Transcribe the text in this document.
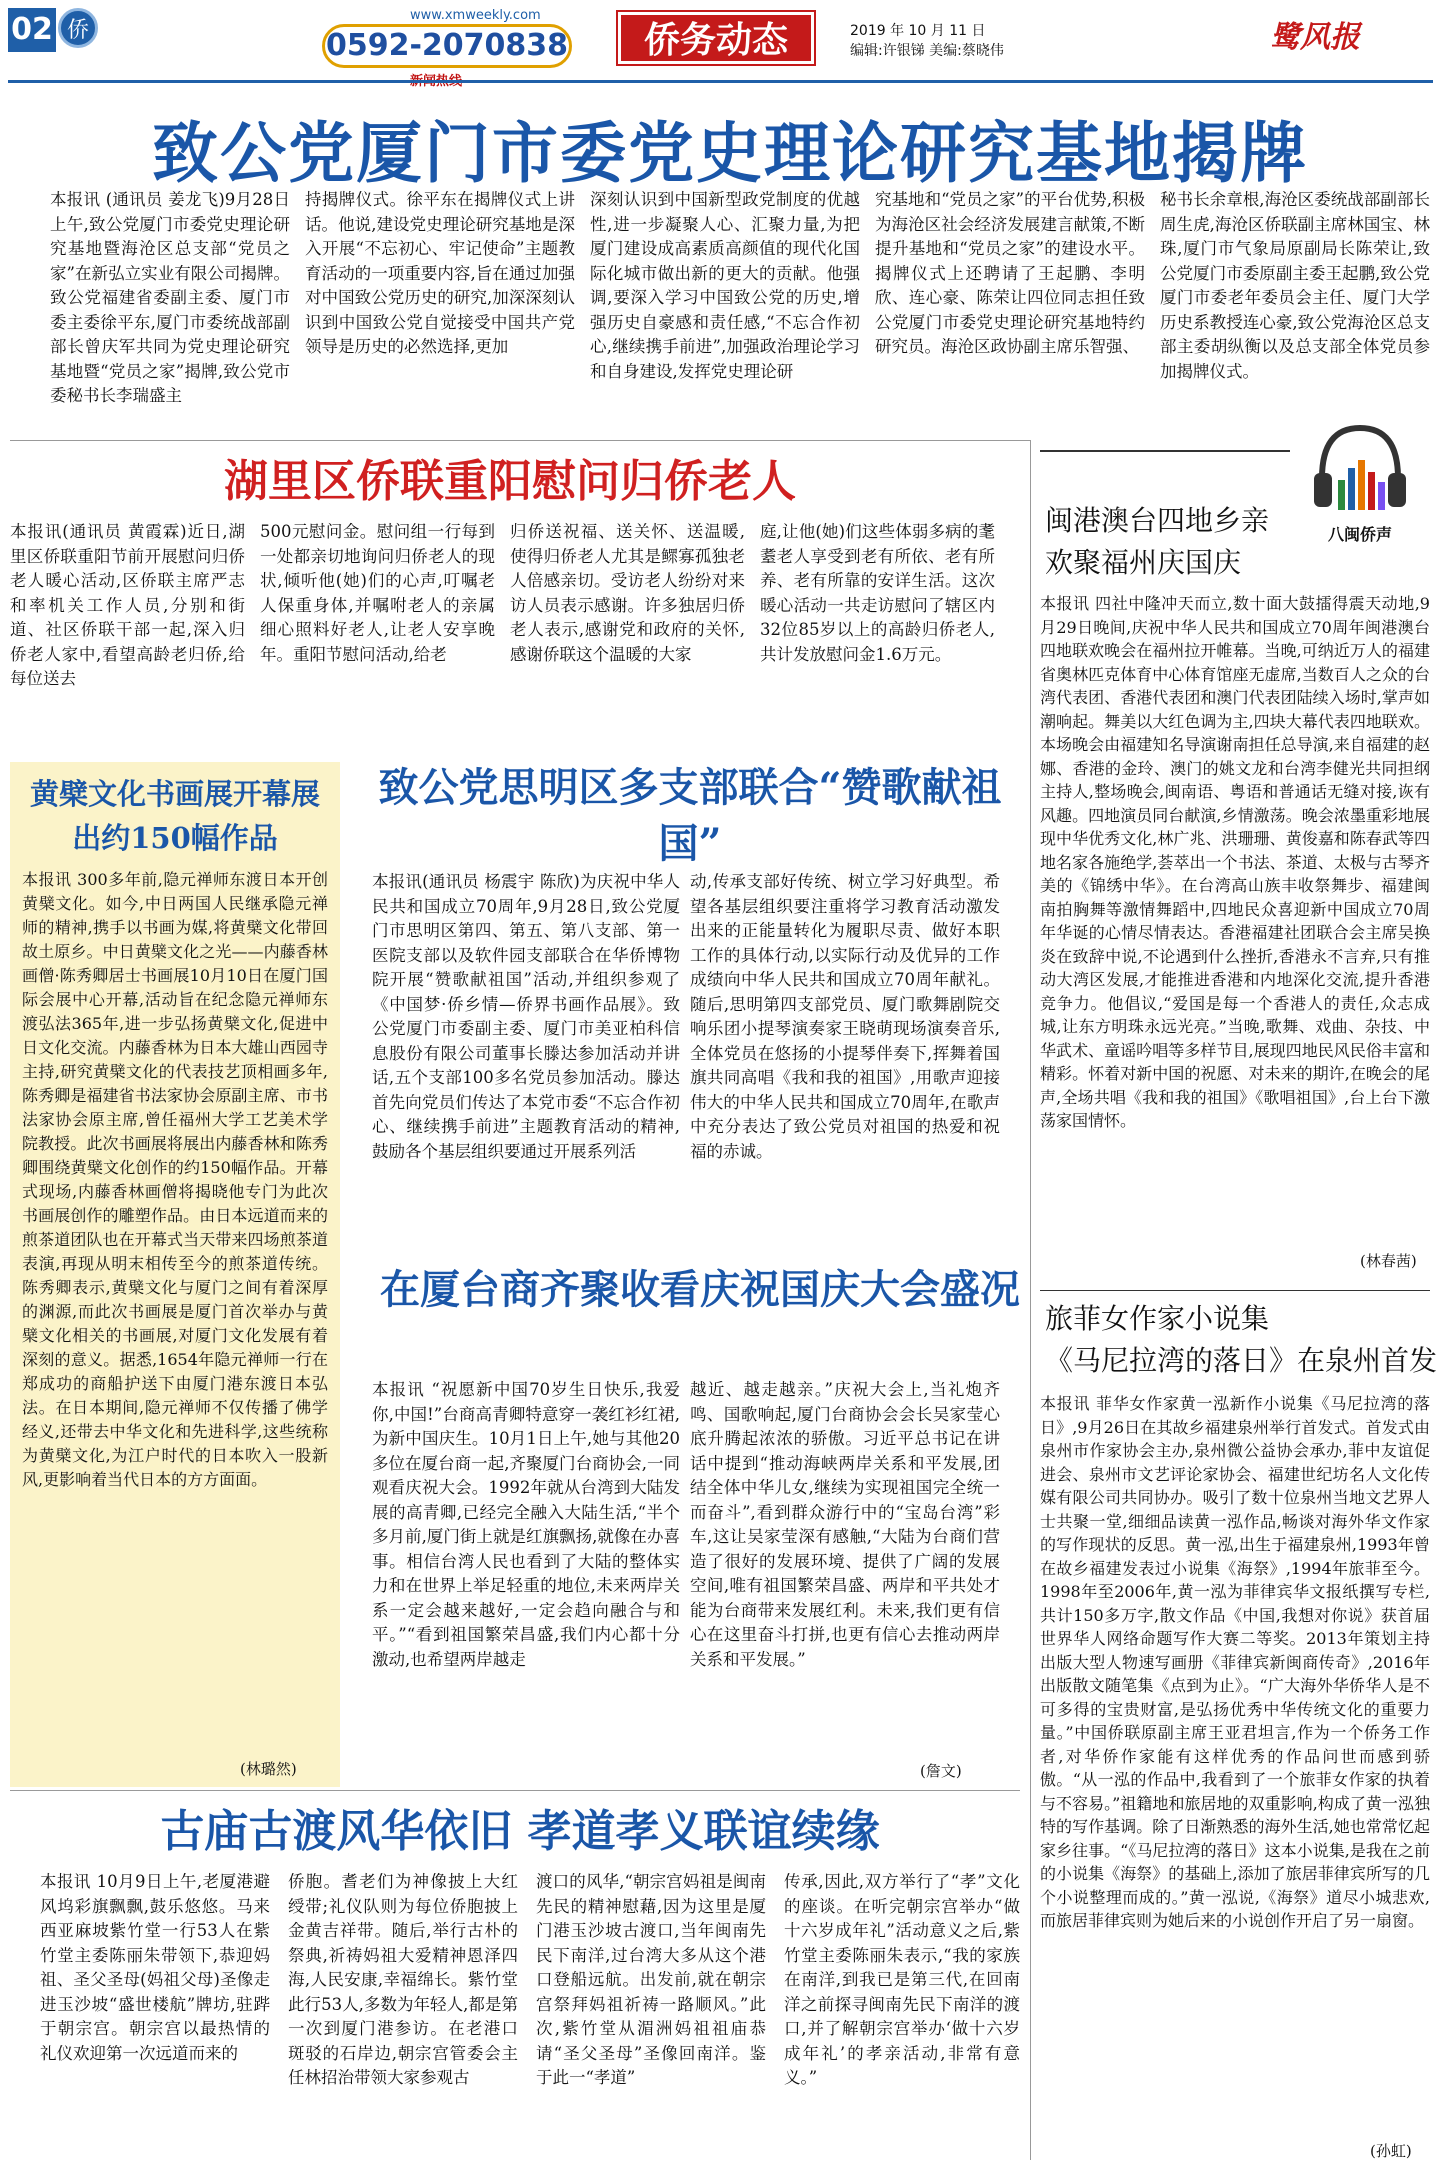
02 侨
www.xmweekly.com
0592-2070838	侨务动态	2019 年 10 月 11 日
编辑:许银锑 美编:蔡晓伟	鹭风报
致公党厦门市委党史理论研究基地揭牌
本报讯 (通讯员 姜龙飞)9月28日上午,致公党厦门市委党史理论研究基地暨海沧区总支部“党员之家”在新弘立实业有限公司揭牌。致公党福建省委副主委、厦门市委主委徐平东,厦门市委统战部副部长曾庆军共同为党史理论研究基地暨“党员之家”揭牌,致公党市委秘书长李瑞盛主
持揭牌仪式。徐平东在揭牌仪式上讲话。他说,建设党史理论研究基地是深入开展“不忘初心、牢记使命”主题教育活动的一项重要内容,旨在通过加强对中国致公党历史的研究,加深深刻认识到中国致公党自觉接受中国共产党领导是历史的必然选择,更加
深刻认识到中国新型政党制度的优越性,进一步凝聚人心、汇聚力量,为把厦门建设成高素质高颜值的现代化国际化城市做出新的更大的贡献。他强调,要深入学习中国致公党的历史,增强历史自豪感和责任感,“不忘合作初心,继续携手前进”,加强政治理论学习和自身建设,发挥党史理论研
究基地和“党员之家”的平台优势,积极为海沧区社会经济发展建言献策,不断提升基地和“党员之家”的建设水平。揭牌仪式上还聘请了王起鹏、李明欣、连心豪、陈荣让四位同志担任致公党厦门市委党史理论研究基地特约研究员。海沧区政协副主席乐智强、
秘书长余章根,海沧区委统战部副部长周生虎,海沧区侨联副主席林国宝、林珠,厦门市气象局原副局长陈荣让,致公党厦门市委原副主委王起鹏,致公党厦门市委老年委员会主任、厦门大学历史系教授连心豪,致公党海沧区总支部主委胡纵衡以及总支部全体党员参加揭牌仪式。
湖里区侨联重阳慰问归侨老人
本报讯(通讯员 黄霞霖)近日,湖里区侨联重阳节前开展慰问归侨老人暖心活动,区侨联主席严志和率机关工作人员,分别和街道、社区侨联干部一起,深入归侨老人家中,看望高龄老归侨,给每位送去
500元慰问金。慰问组一行每到一处都亲切地询问归侨老人的现状,倾听他(她)们的心声,叮嘱老人保重身体,并嘱咐老人的亲属细心照料好老人,让老人安享晚年。重阳节慰问活动,给老
归侨送祝福、送关怀、送温暖,使得归侨老人尤其是鳏寡孤独老人倍感亲切。受访老人纷纷对来访人员表示感谢。许多独居归侨老人表示,感谢党和政府的关怀,感谢侨联这个温暖的大家
庭,让他(她)们这些体弱多病的耄耋老人享受到老有所依、老有所养、老有所靠的安详生活。这次暖心活动一共走访慰问了辖区内32位85岁以上的高龄归侨老人,共计发放慰问金1.6万元。
黄檗文化书画展开幕展出约150幅作品
本报讯 300多年前,隐元禅师东渡日本开创黄檗文化。如今,中日两国人民继承隐元禅师的精神,携手以书画为媒,将黄檗文化带回故土原乡。中日黄檗文化之光——内藤香林画僧·陈秀卿居士书画展10月10日在厦门国际会展中心开幕,活动旨在纪念隐元禅师东渡弘法365年,进一步弘扬黄檗文化,促进中日文化交流。内藤香林为日本大雄山西园寺主持,研究黄檗文化的代表技艺顶相画多年,陈秀卿是福建省书法家协会原副主席、市书法家协会原主席,曾任福州大学工艺美术学院教授。此次书画展将展出内藤香林和陈秀卿围绕黄檗文化创作的约150幅作品。开幕式现场,内藤香林画僧将揭晓他专门为此次书画展创作的雕塑作品。由日本远道而来的煎茶道团队也在开幕式当天带来四场煎茶道表演,再现从明末相传至今的煎茶道传统。陈秀卿表示,黄檗文化与厦门之间有着深厚的渊源,而此次书画展是厦门首次举办与黄檗文化相关的书画展,对厦门文化发展有着深刻的意义。据悉,1654年隐元禅师一行在郑成功的商船护送下由厦门港东渡日本弘法。在日本期间,隐元禅师不仅传播了佛学经义,还带去中华文化和先进科学,这些统称为黄檗文化,为江户时代的日本吹入一股新风,更影响着当代日本的方方面面。
(林璐然)
致公党思明区多支部联合“赞歌献祖国”
本报讯(通讯员 杨震宇 陈欣)为庆祝中华人民共和国成立70周年,9月28日,致公党厦门市思明区第四、第五、第八支部、第一医院支部以及软件园支部联合在华侨博物院开展“赞歌献祖国”活动,并组织参观了《中国梦·侨乡情—侨界书画作品展》。致公党厦门市委副主委、厦门市美亚柏科信息股份有限公司董事长滕达参加活动并讲话,五个支部100多名党员参加活动。滕达首先向党员们传达了本党市委“不忘合作初心、继续携手前进”主题教育活动的精神,鼓励各个基层组织要通过开展系列活
动,传承支部好传统、树立学习好典型。希望各基层组织要注重将学习教育活动激发出来的正能量转化为履职尽责、做好本职工作的具体行动,以实际行动及优异的工作成绩向中华人民共和国成立70周年献礼。随后,思明第四支部党员、厦门歌舞剧院交响乐团小提琴演奏家王晓萌现场演奏音乐,全体党员在悠扬的小提琴伴奏下,挥舞着国旗共同高唱《我和我的祖国》,用歌声迎接伟大的中华人民共和国成立70周年,在歌声中充分表达了致公党员对祖国的热爱和祝福的赤诚。
在厦台商齐聚收看庆祝国庆大会盛况
本报讯 “祝愿新中国70岁生日快乐,我爱你,中国!”台商高青卿特意穿一袭红衫红裙,为新中国庆生。10月1日上午,她与其他20多位在厦台商一起,齐聚厦门台商协会,一同观看庆祝大会。1992年就从台湾到大陆发展的高青卿,已经完全融入大陆生活,“半个多月前,厦门街上就是红旗飘扬,就像在办喜事。相信台湾人民也看到了大陆的整体实力和在世界上举足轻重的地位,未来两岸关系一定会越来越好,一定会趋向融合与和平。”“看到祖国繁荣昌盛,我们内心都十分激动,也希望两岸越走
越近、越走越亲。”庆祝大会上,当礼炮齐鸣、国歌响起,厦门台商协会会长吴家莹心底升腾起浓浓的骄傲。习近平总书记在讲话中提到“推动海峡两岸关系和平发展,团结全体中华儿女,继续为实现祖国完全统一而奋斗”,看到群众游行中的“宝岛台湾”彩车,这让吴家莹深有感触,“大陆为台商们营造了很好的发展环境、提供了广阔的发展空间,唯有祖国繁荣昌盛、两岸和平共处才能为台商带来发展红利。未来,我们更有信心在这里奋斗打拼,也更有信心去推动两岸关系和平发展。”
(詹文)
古庙古渡风华依旧 孝道孝义联谊续缘
本报讯 10月9日上午,老厦港避风坞彩旗飘飘,鼓乐悠悠。马来西亚麻坡紫竹堂一行53人在紫竹堂主委陈丽朱带领下,恭迎妈祖、圣父圣母(妈祖父母)圣像走进玉沙坡“盛世楼航”牌坊,驻跸于朝宗宫。朝宗宫以最热情的礼仪欢迎第一次远道而来的
侨胞。耆老们为神像披上大红绶带;礼仪队则为每位侨胞披上金黄吉祥带。随后,举行古朴的祭典,祈祷妈祖大爱精神恩泽四海,人民安康,幸福绵长。紫竹堂此行53人,多数为年轻人,都是第一次到厦门港参访。在老港口斑驳的石岸边,朝宗宫管委会主任林招治带领大家参观古
渡口的风华,“朝宗宫妈祖是闽南先民的精神慰藉,因为这里是厦门港玉沙坡古渡口,当年闽南先民下南洋,过台湾大多从这个港口登船远航。出发前,就在朝宗宫祭拜妈祖祈祷一路顺风。”此次,紫竹堂从湄洲妈祖祖庙恭请“圣父圣母”圣像回南洋。鉴于此一“孝道”
传承,因此,双方举行了“孝”文化的座谈。在听完朝宗宫举办“做十六岁成年礼”活动意义之后,紫竹堂主委陈丽朱表示,“我的家族在南洋,到我已是第三代,在回南洋之前探寻闽南先民下南洋的渡口,并了解朝宗宫举办‘做十六岁成年礼’的孝亲活动,非常有意义。”
八闽侨声
闽港澳台四地乡亲
欢聚福州庆国庆
本报讯 四社中隆冲天而立,数十面大鼓擂得震天动地,9月29日晚间,庆祝中华人民共和国成立70周年闽港澳台四地联欢晚会在福州拉开帷幕。当晚,可纳近万人的福建省奥林匹克体育中心体育馆座无虚席,当数百人之众的台湾代表团、香港代表团和澳门代表团陆续入场时,掌声如潮响起。舞美以大红色调为主,四块大幕代表四地联欢。本场晚会由福建知名导演谢南担任总导演,来自福建的赵娜、香港的金玲、澳门的姚文龙和台湾李健光共同担纲主持人,整场晚会,闽南语、粤语和普通话无缝对接,诙有风趣。四地演员同台献演,乡情激荡。晚会浓墨重彩地展现中华优秀文化,林广兆、洪珊珊、黄俊嘉和陈春武等四地名家各施绝学,荟萃出一个书法、茶道、太极与古琴齐美的《锦绣中华》。在台湾高山族丰收祭舞步、福建闽南拍胸舞等激情舞蹈中,四地民众喜迎新中国成立70周年华诞的心情尽情表达。香港福建社团联合会主席吴换炎在致辞中说,不论遇到什么挫折,香港永不言弃,只有推动大湾区发展,才能推进香港和内地深化交流,提升香港竞争力。他倡议,“爱国是每一个香港人的责任,众志成城,让东方明珠永远光亮。”当晚,歌舞、戏曲、杂技、中华武术、童谣吟唱等多样节目,展现四地民风民俗丰富和精彩。怀着对新中国的祝愿、对未来的期许,在晚会的尾声,全场共唱《我和我的祖国》《歌唱祖国》,台上台下激荡家国情怀。
(林春茜)
旅菲女作家小说集
《马尼拉湾的落日》在泉州首发
本报讯 菲华女作家黄一泓新作小说集《马尼拉湾的落日》,9月26日在其故乡福建泉州举行首发式。首发式由泉州市作家协会主办,泉州微公益协会承办,菲中友谊促进会、泉州市文艺评论家协会、福建世纪坊名人文化传媒有限公司共同协办。吸引了数十位泉州当地文艺界人士共聚一堂,细细品读黄一泓作品,畅谈对海外华文作家的写作现状的反思。黄一泓,出生于福建泉州,1993年曾在故乡福建发表过小说集《海祭》,1994年旅菲至今。1998年至2006年,黄一泓为菲律宾华文报纸撰写专栏,共计150多万字,散文作品《中国,我想对你说》获首届世界华人网络命题写作大赛二等奖。2013年策划主持出版大型人物速写画册《菲律宾新闽商传奇》,2016年出版散文随笔集《点到为止》。“广大海外华侨华人是不可多得的宝贵财富,是弘扬优秀中华传统文化的重要力量。”中国侨联原副主席王亚君坦言,作为一个侨务工作者,对华侨作家能有这样优秀的作品问世而感到骄傲。“从一泓的作品中,我看到了一个旅菲女作家的执着与不容易。”祖籍地和旅居地的双重影响,构成了黄一泓独特的写作基调。除了日渐熟悉的海外生活,她也常常忆起家乡往事。“《马尼拉湾的落日》这本小说集,是我在之前的小说集《海祭》的基础上,添加了旅居菲律宾所写的几个小说整理而成的。”黄一泓说,《海祭》道尽小城悲欢,而旅居菲律宾则为她后来的小说创作开启了另一扇窗。
(孙虹)
